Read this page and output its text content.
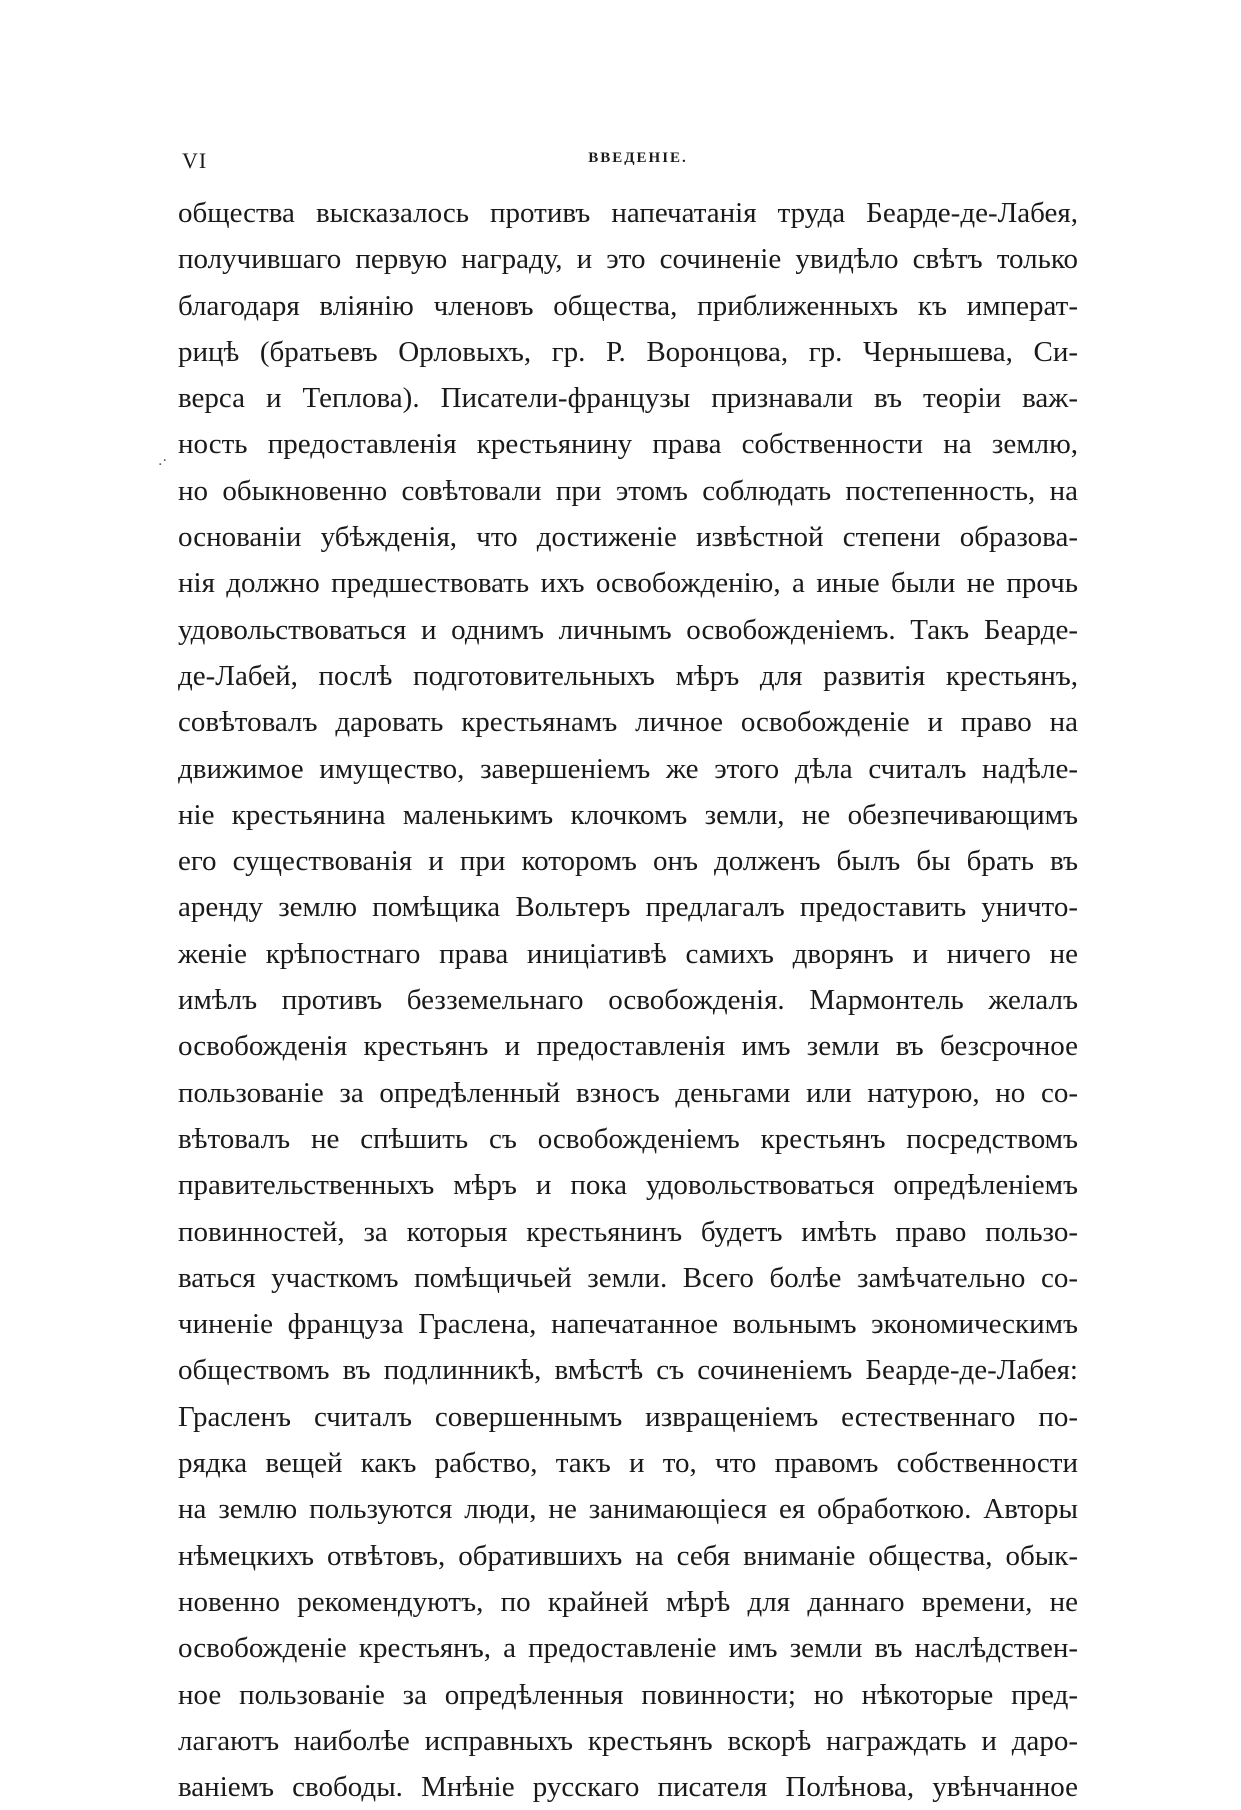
VI	ВВЕДЕНІЕ.
.·
общества высказалось противъ напечатанія труда Беарде-де-Лабея,
получившаго первую награду, и это сочиненіе увидѣло свѣтъ только
благодаря вліянію членовъ общества, приближенныхъ къ императ-
рицѣ (братьевъ Орловыхъ, гр. Р. Воронцова, гр. Чернышева, Си-
верса и Теплова). Писатели-французы признавали въ теоріи важ-
ность предоставленія крестьянину права собственности на землю,
но обыкновенно совѣтовали при этомъ соблюдать постепенность, на
основаніи убѣжденія, что достиженіе извѣстной степени образова-
нія должно предшествовать ихъ освобожденію, а иные были не прочь
удовольствоваться и однимъ личнымъ освобожденіемъ. Такъ Беарде-
де-Лабей, послѣ подготовительныхъ мѣръ для развитія крестьянъ,
совѣтовалъ даровать крестьянамъ личное освобожденіе и право на
движимое имущество, завершеніемъ же этого дѣла считалъ надѣле-
ніе крестьянина маленькимъ клочкомъ земли, не обезпечивающимъ
его существованія и при которомъ онъ долженъ былъ бы брать въ
аренду землю помѣщика Вольтеръ предлагалъ предоставить уничто-
женіе крѣпостнаго права иниціативѣ самихъ дворянъ и ничего не
имѣлъ противъ безземельнаго освобожденія. Мармонтель желалъ
освобожденія крестьянъ и предоставленія имъ земли въ безсрочное
пользованіе за опредѣленный взносъ деньгами или натурою, но со-
вѣтовалъ не спѣшить съ освобожденіемъ крестьянъ посредствомъ
правительственныхъ мѣръ и пока удовольствоваться опредѣленіемъ
повинностей, за которыя крестьянинъ будетъ имѣть право пользо-
ваться участкомъ помѣщичьей земли. Всего болѣе замѣчательно со-
чиненіе француза Граслена, напечатанное вольнымъ экономическимъ
обществомъ въ подлинникѣ, вмѣстѣ съ сочиненіемъ Беарде-де-Лабея:
Грасленъ считалъ совершеннымъ извращеніемъ естественнаго по-
рядка вещей какъ рабство, такъ и то, что правомъ собственности
на землю пользуются люди, не занимающіеся ея обработкою. Авторы
нѣмецкихъ отвѣтовъ, обратившихъ на себя вниманіе общества, обык-
новенно рекомендуютъ, по крайней мѣрѣ для даннаго времени, не
освобожденіе крестьянъ, а предоставленіе имъ земли въ наслѣдствен-
ное пользованіе за опредѣленныя повинности; но нѣкоторые пред-
лагаютъ наиболѣе исправныхъ крестьянъ вскорѣ награждать и даро-
ваніемъ свободы. Мнѣніе русскаго писателя Полѣнова, увѣнчанное
